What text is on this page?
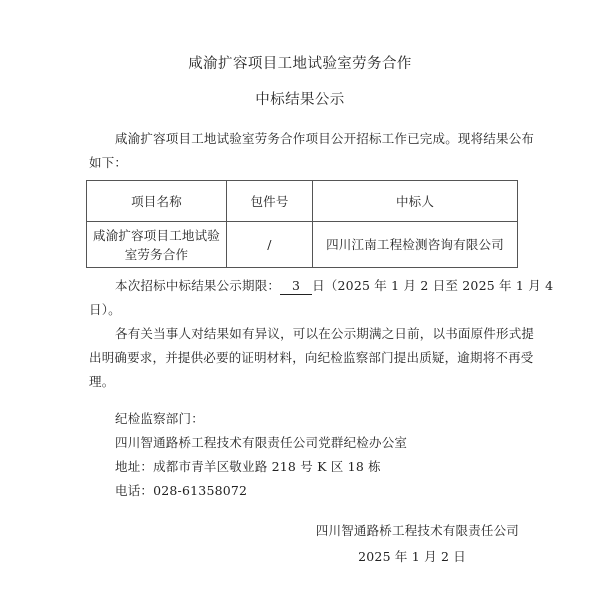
咸渝扩容项目工地试验室劳务合作
中标结果公示
咸渝扩容项目工地试验室劳务合作项目公开招标工作已完成。现将结果公布
如下：
项目名称	包件号	中标人

咸渝扩容项目工地试验
室劳务合作	/	四川江南工程检测咨询有限公司
本次招标中标结果公示期限： 3 日（2025 年 1 月 2 日至 2025 年 1 月 4
日）。
各有关当事人对结果如有异议，可以在公示期满之日前，以书面原件形式提
出明确要求，并提供必要的证明材料，向纪检监察部门提出质疑，逾期将不再受
理。
纪检监察部门：
四川智通路桥工程技术有限责任公司党群纪检办公室
地址：成都市青羊区敬业路 218 号 K 区 18 栋
电话：028-61358072
四川智通路桥工程技术有限责任公司
2025 年 1 月 2 日
